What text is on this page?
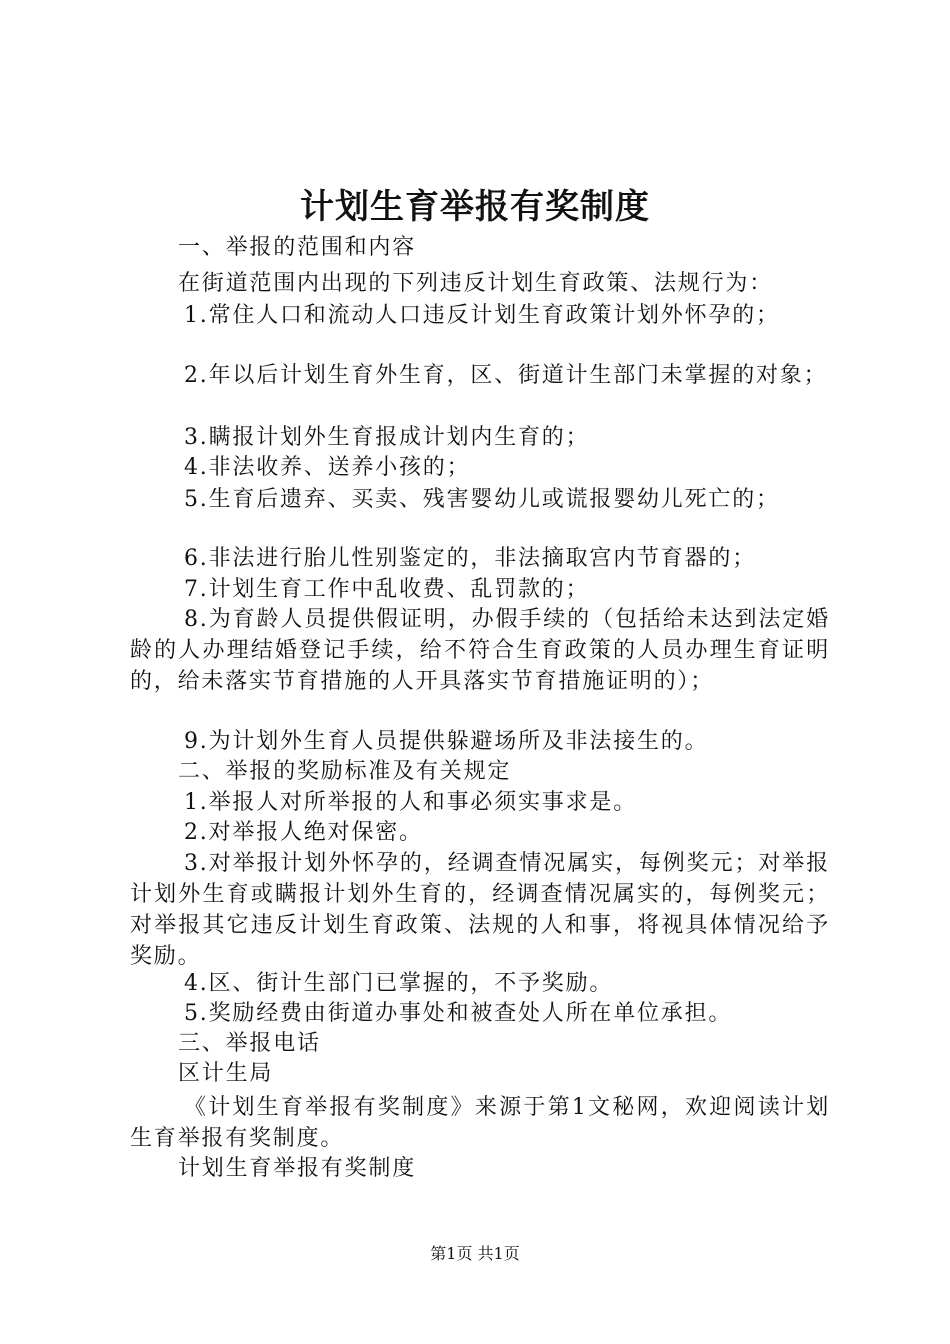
计划生育举报有奖制度

一、举报的范围和内容

在街道范围内出现的下列违反计划生育政策、法规行为：

1.常住人口和流动人口违反计划生育政策计划外怀孕的；

2.年以后计划生育外生育，区、街道计生部门未掌握的对象；

3.瞒报计划外生育报成计划内生育的；

4.非法收养、送养小孩的；

5.生育后遗弃、买卖、残害婴幼儿或谎报婴幼儿死亡的；

6.非法进行胎儿性别鉴定的，非法摘取宫内节育器的；

7.计划生育工作中乱收费、乱罚款的；

8.为育龄人员提供假证明，办假手续的（包括给未达到法定婚龄的人办理结婚登记手续，给不符合生育政策的人员办理生育证明的，给未落实节育措施的人开具落实节育措施证明的）；

9.为计划外生育人员提供躲避场所及非法接生的。

二、举报的奖励标准及有关规定

1.举报人对所举报的人和事必须实事求是。

2.对举报人绝对保密。

3.对举报计划外怀孕的，经调查情况属实，每例奖元；对举报计划外生育或瞒报计划外生育的，经调查情况属实的，每例奖元；对举报其它违反计划生育政策、法规的人和事，将视具体情况给予奖励。

4.区、街计生部门已掌握的，不予奖励。

5.奖励经费由街道办事处和被查处人所在单位承担。

三、举报电话

区计生局

《计划生育举报有奖制度》来源于第1文秘网，欢迎阅读计划生育举报有奖制度。

计划生育举报有奖制度

第1页 共1页
